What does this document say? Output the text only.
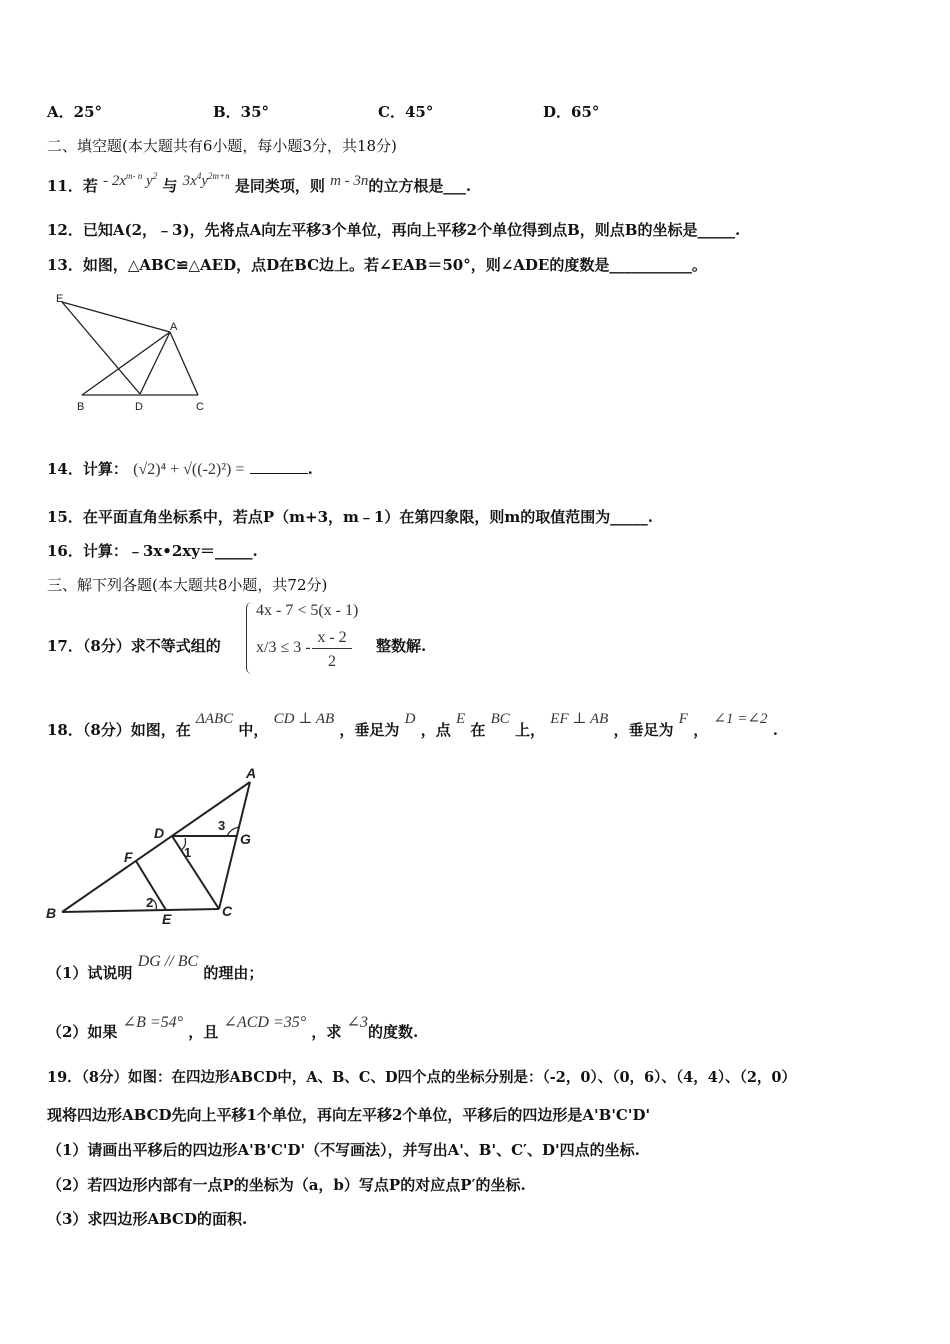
A．25°	B．35°	C．45°	D．65°
二、填空题(本大题共有6小题，每小题3分，共18分)
11．若 - $2x^{m- n}$ $y^2$ 与 $3x^4y^{2m+n}$ 是同类项，则 m - 3n的立方根是___.
12．已知A(2，﹣3)，先将点A向左平移3个单位，再向上平移2个单位得到点B，则点B的坐标是_____.
13．如图，△ABC≌△AED，点D在BC边上。若∠EAB＝50°，则∠ADE的度数是___________。
E
A
B	D	C
14．计算： (√2)⁴ + √((-2)²) =	.
15．在平面直角坐标系中，若点P（m+3，m﹣1）在第四象限，则m的取值范围为_____.
16．计算：﹣3x•2xy＝_____.
三、解下列各题(本大题共8小题，共72分)
17．（8分）求不等式组的
4x - 7 < 5(x - 1)
x/3 ≤ 3 -
x - 2
2
整数解.
18．（8分）如图，在 ΔABC 中， CD ⊥ AB ，垂足为 D ，点 E 在 BC 上， EF ⊥ AB ，垂足为 F ， ∠1 =∠2 .
A
D	3
G
1
F
B
2
E	C
（1）试说明 DG // BC 的理由；
（2）如果 ∠B =54° ，且 ∠ACD =35° ，求 ∠3的度数.
19．（8分）如图：在四边形ABCD中，A、B、C、D四个点的坐标分别是：（-2，0）、（0，6）、（4，4）、（2，0）
现将四边形ABCD先向上平移1个单位，再向左平移2个单位，平移后的四边形是A'B'C'D'
（1）请画出平移后的四边形A'B'C'D'（不写画法），并写出A'、B'、C′、D'四点的坐标.
（2）若四边形内部有一点P的坐标为（a，b）写点P的对应点P′的坐标.
（3）求四边形ABCD的面积.
